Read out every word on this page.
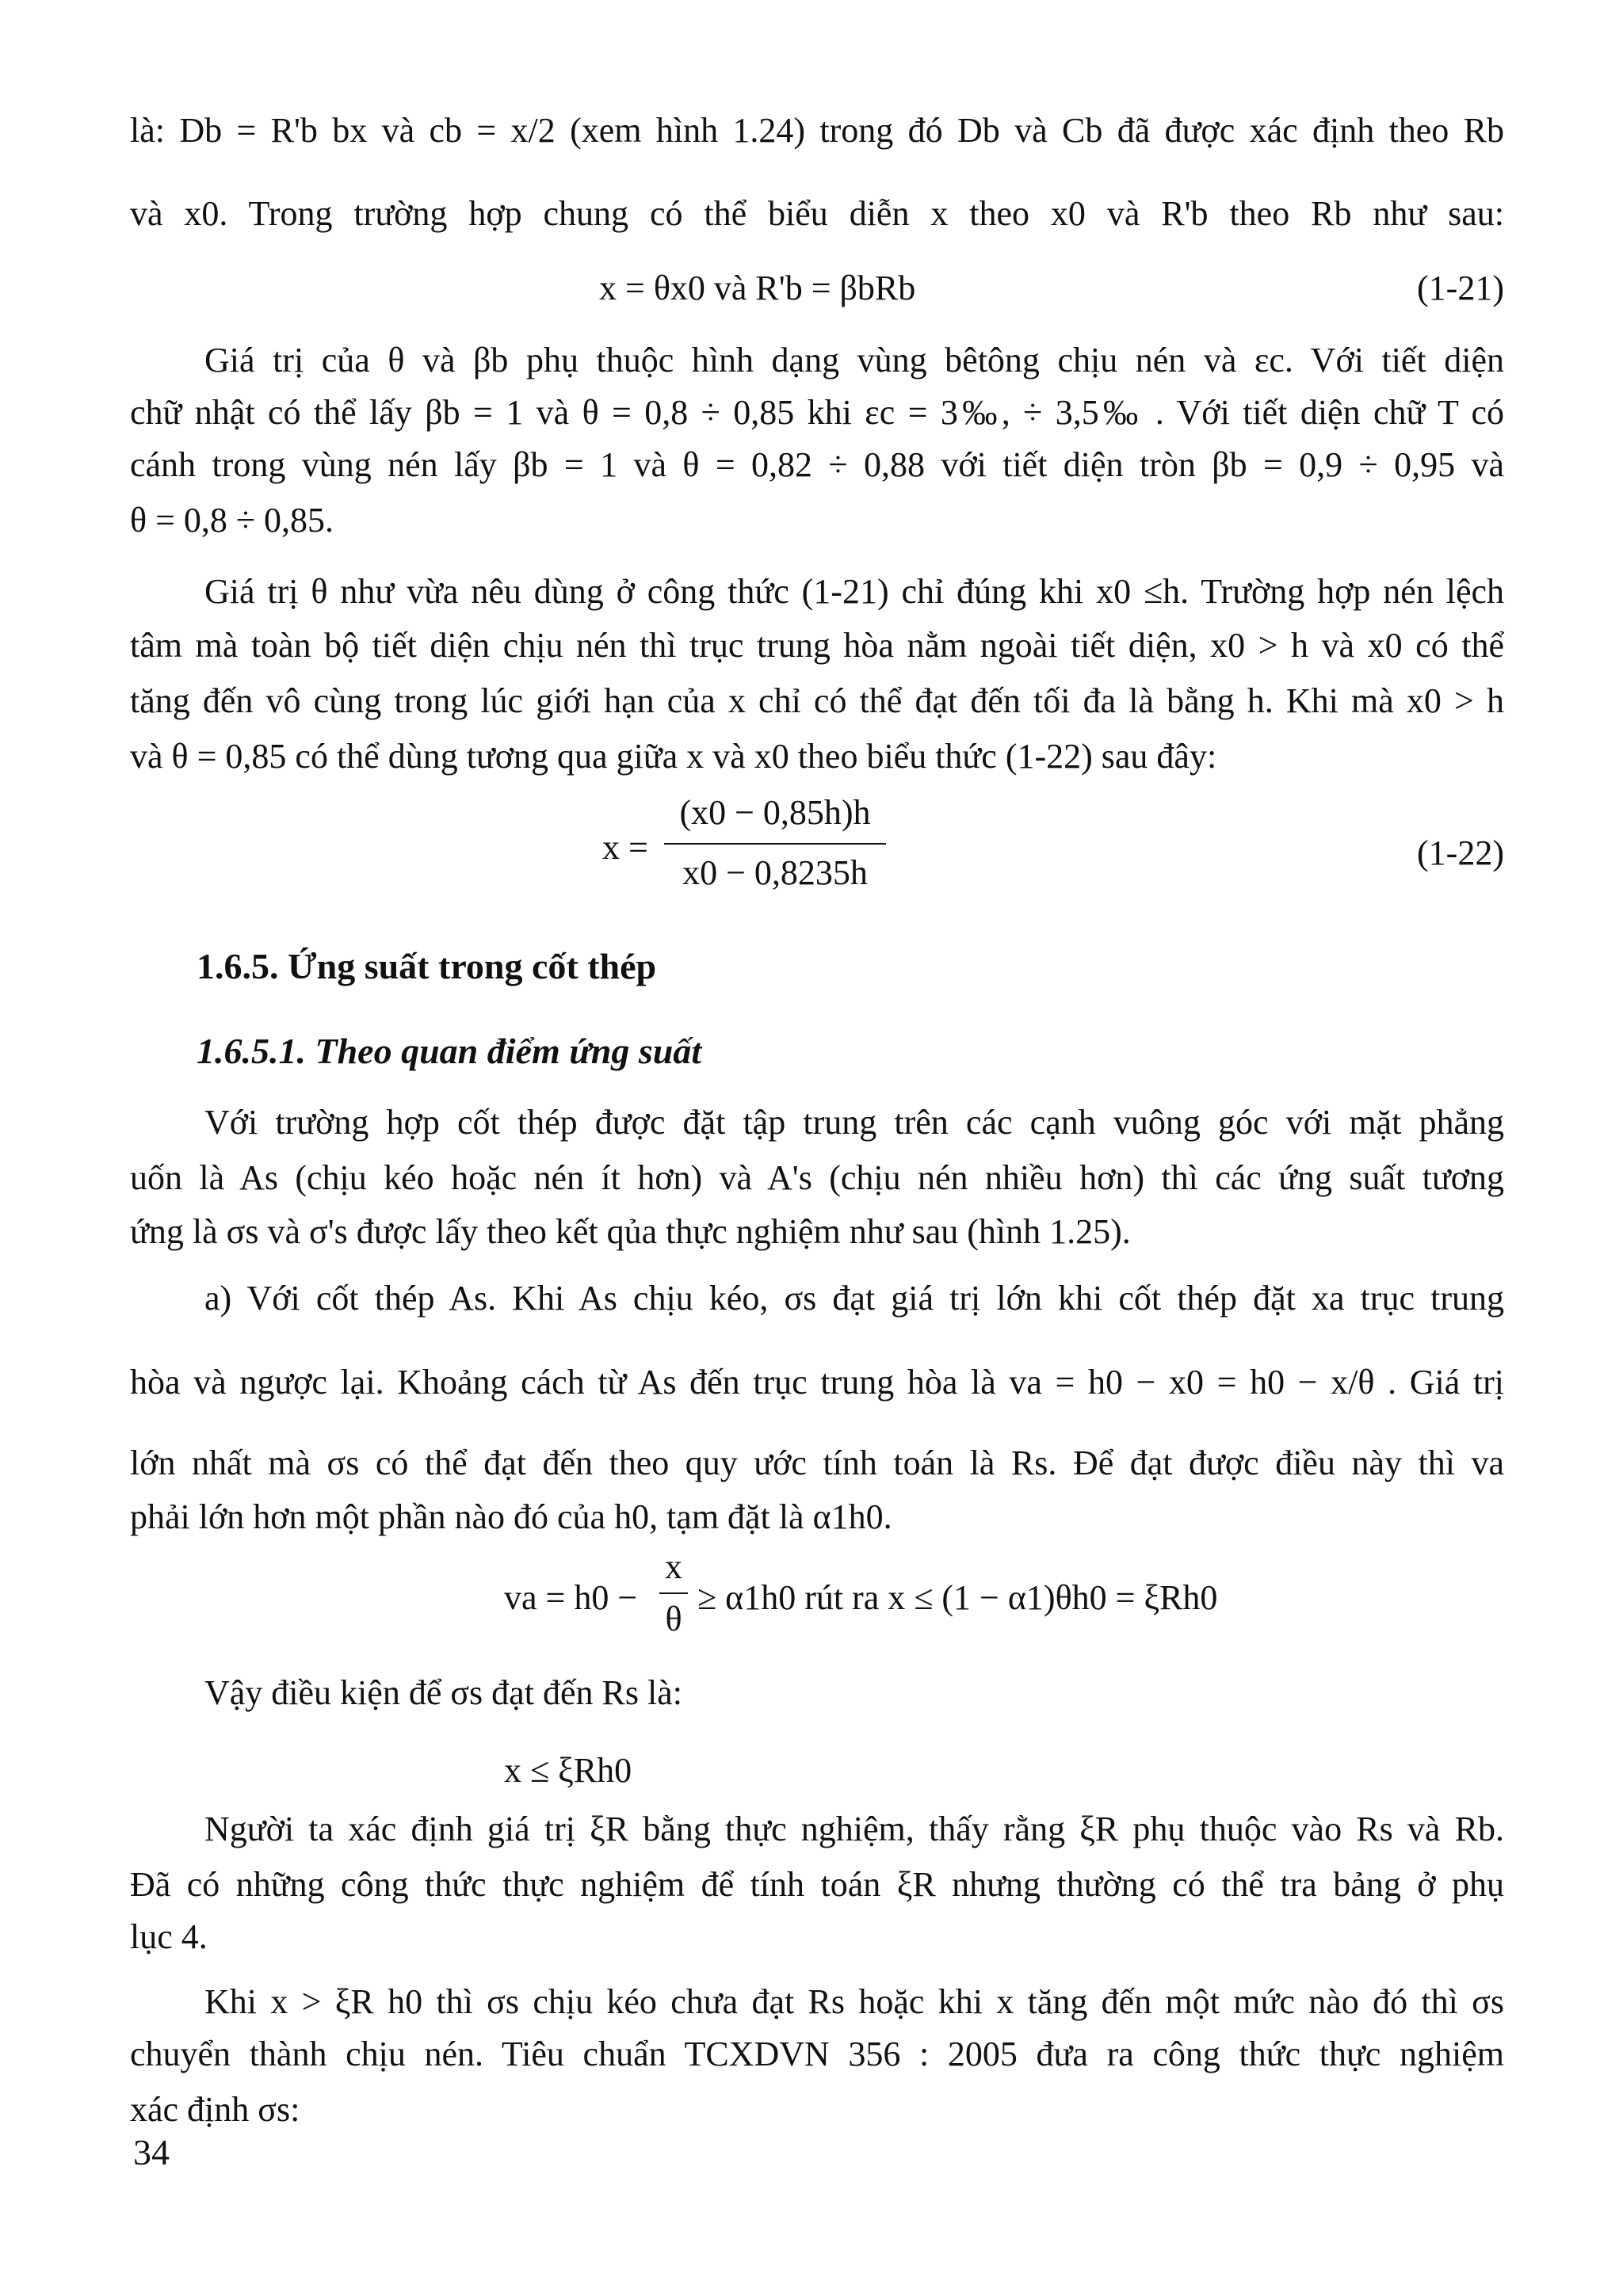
là: Db = R'b bx và cb = x/2 (xem hình 1.24) trong đó Db và Cb đã được xác định theo Rb
và x0. Trong trường hợp chung có thể biểu diễn x theo x0 và R'b theo Rb như sau:
x = θx0 và R'b = βbRb	(1-21)
Giá trị của θ và βb phụ thuộc hình dạng vùng bêtông chịu nén và εc. Với tiết diện
chữ nhật có thể lấy βb = 1 và θ = 0,8 ÷ 0,85 khi εc = 3‰, ÷ 3,5‰ . Với tiết diện chữ T có
cánh trong vùng nén lấy βb = 1 và θ = 0,82 ÷ 0,88 với tiết diện tròn βb = 0,9 ÷ 0,95 và
θ = 0,8 ÷ 0,85.
Giá trị θ như vừa nêu dùng ở công thức (1-21) chỉ đúng khi x0 ≤h. Trường hợp nén lệch
tâm mà toàn bộ tiết diện chịu nén thì trục trung hòa nằm ngoài tiết diện, x0 > h và x0 có thể
tăng đến vô cùng trong lúc giới hạn của x chỉ có thể đạt đến tối đa là bằng h. Khi mà x0 > h
và θ = 0,85 có thể dùng tương qua giữa x và x0 theo biểu thức (1-22) sau đây:
x =
(x0 − 0,85h)h
x0 − 0,8235h
(1-22)
1.6.5. Ứng suất trong cốt thép
1.6.5.1. Theo quan điểm ứng suất
Với trường hợp cốt thép được đặt tập trung trên các cạnh vuông góc với mặt phẳng
uốn là As (chịu kéo hoặc nén ít hơn) và A's (chịu nén nhiều hơn) thì các ứng suất tương
ứng là σs và σ's được lấy theo kết qủa thực nghiệm như sau (hình 1.25).
a) Với cốt thép As. Khi As chịu kéo, σs đạt giá trị lớn khi cốt thép đặt xa trục trung
hòa và ngược lại. Khoảng cách từ As đến trục trung hòa là va = h0 − x0 = h0 − x/θ . Giá trị
lớn nhất mà σs có thể đạt đến theo quy ước tính toán là Rs. Để đạt được điều này thì va
phải lớn hơn một phần nào đó của h0, tạm đặt là α1h0.
va = h0 −
x
θ
≥ α1h0 rút ra x ≤ (1 − α1)θh0 = ξRh0
Vậy điều kiện để σs đạt đến Rs là:
x ≤ ξRh0
Người ta xác định giá trị ξR bằng thực nghiệm, thấy rằng ξR phụ thuộc vào Rs và Rb.
Đã có những công thức thực nghiệm để tính toán ξR nhưng thường có thể tra bảng ở phụ
lục 4.
Khi x > ξR h0 thì σs chịu kéo chưa đạt Rs hoặc khi x tăng đến một mức nào đó thì σs
chuyển thành chịu nén. Tiêu chuẩn TCXDVN 356 : 2005 đưa ra công thức thực nghiệm
xác định σs:
34
